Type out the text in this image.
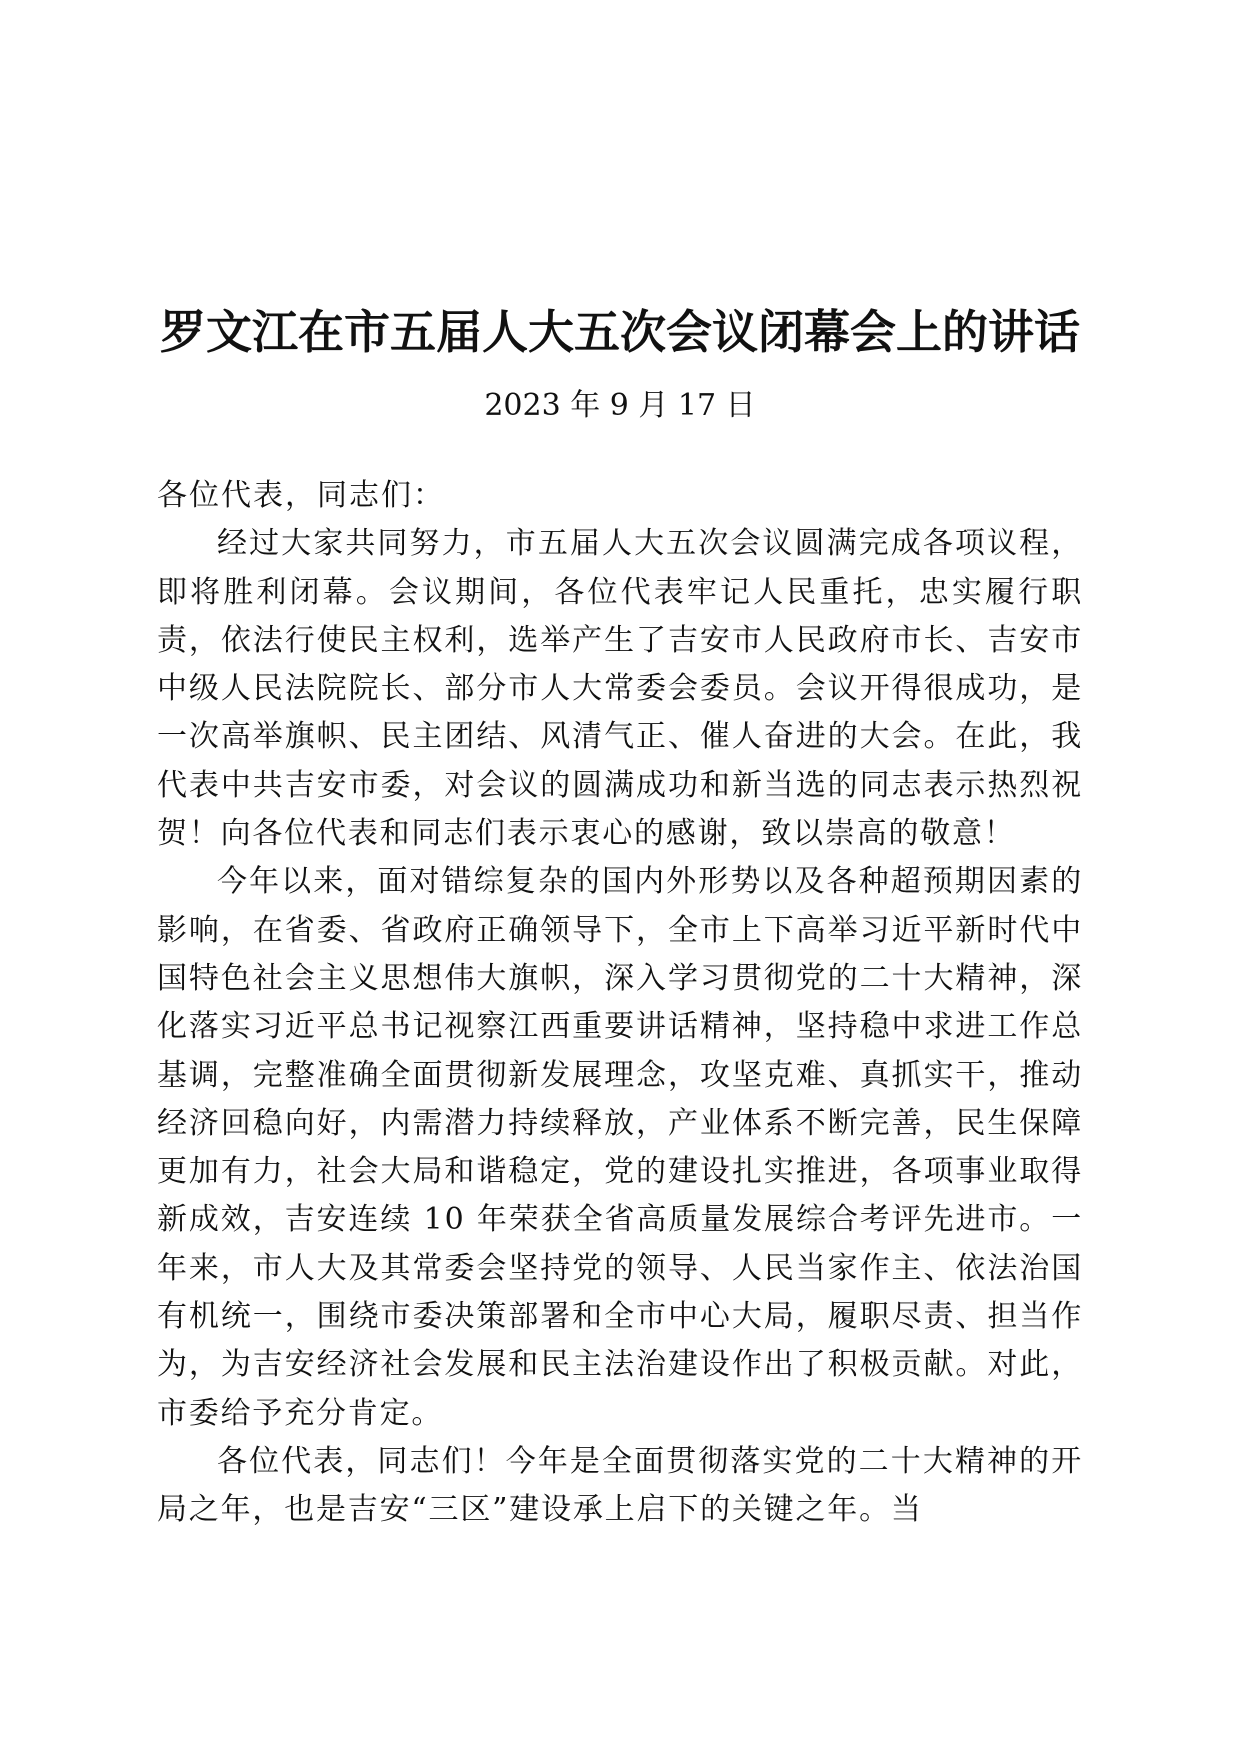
罗文江在市五届人大五次会议闭幕会上的讲话
2023 年 9 月 17 日

各位代表，同志们：

经过大家共同努力，市五届人大五次会议圆满完成各项议程，即将胜利闭幕。会议期间，各位代表牢记人民重托，忠实履行职责，依法行使民主权利，选举产生了吉安市人民政府市长、吉安市中级人民法院院长、部分市人大常委会委员。会议开得很成功，是一次高举旗帜、民主团结、风清气正、催人奋进的大会。在此，我代表中共吉安市委，对会议的圆满成功和新当选的同志表示热烈祝贺！向各位代表和同志们表示衷心的感谢，致以崇高的敬意！

今年以来，面对错综复杂的国内外形势以及各种超预期因素的影响，在省委、省政府正确领导下，全市上下高举习近平新时代中国特色社会主义思想伟大旗帜，深入学习贯彻党的二十大精神，深化落实习近平总书记视察江西重要讲话精神，坚持稳中求进工作总基调，完整准确全面贯彻新发展理念，攻坚克难、真抓实干，推动经济回稳向好，内需潜力持续释放，产业体系不断完善，民生保障更加有力，社会大局和谐稳定，党的建设扎实推进，各项事业取得新成效，吉安连续 10 年荣获全省高质量发展综合考评先进市。一年来，市人大及其常委会坚持党的领导、人民当家作主、依法治国有机统一，围绕市委决策部署和全市中心大局，履职尽责、担当作为，为吉安经济社会发展和民主法治建设作出了积极贡献。对此，市委给予充分肯定。

各位代表，同志们！今年是全面贯彻落实党的二十大精神的开局之年，也是吉安“三区”建设承上启下的关键之年。当
